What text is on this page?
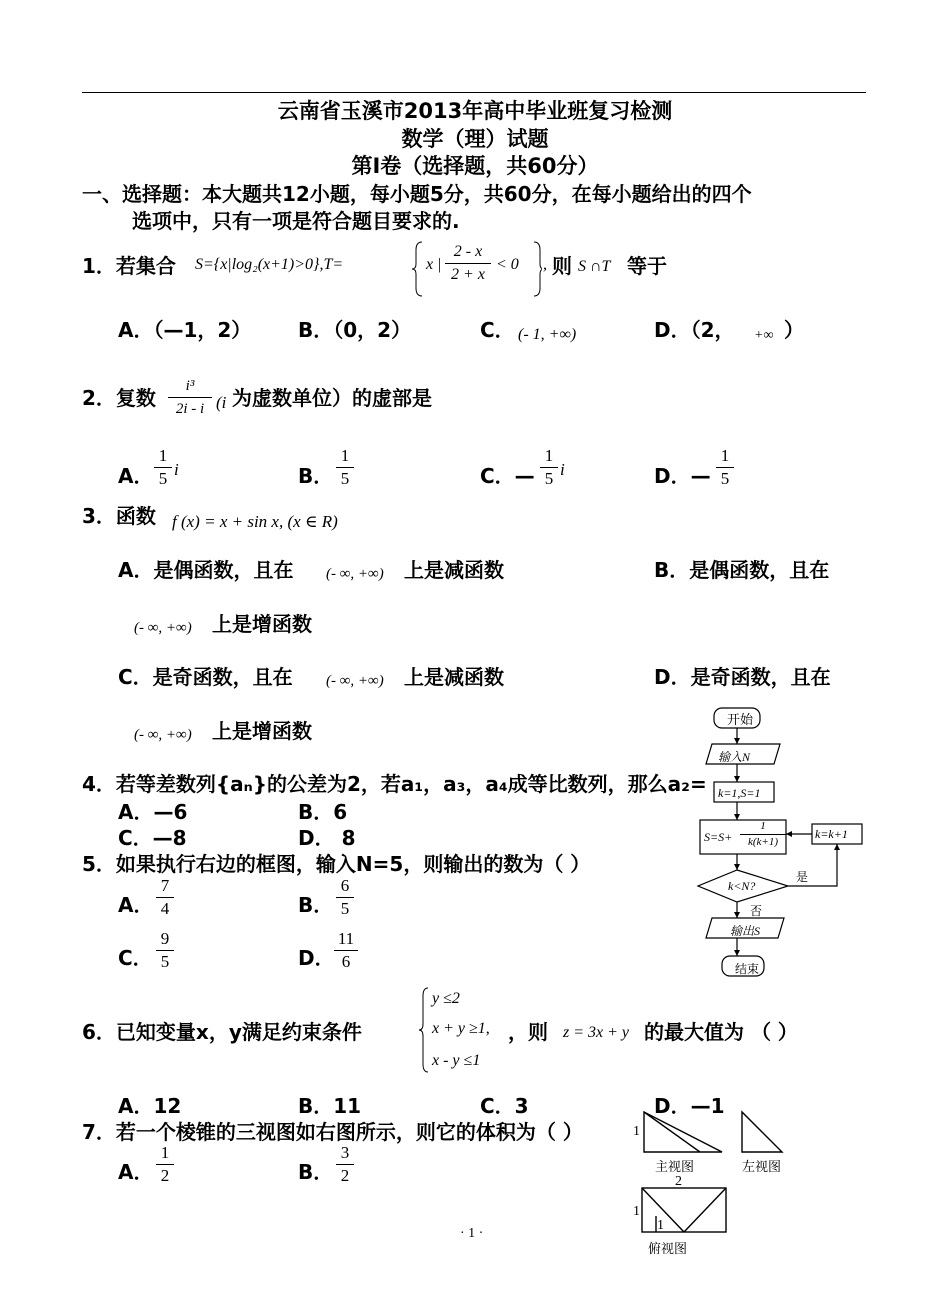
云南省玉溪市2013年高中毕业班复习检测
数学（理）试题
第Ⅰ卷（选择题，共60分）
一、选择题：本大题共12小题，每小题5分，共60分，在每小题给出的四个
选项中，只有一项是符合题目要求的.
1．若集合 S={x|log₂(x+1)>0},T=	x |
2 - x
2 + x
< 0 , 则 S ∩T 等于
A．（—1，2） B．（0，2）	C． (- 1, +∞)	D．（2， +∞ ）
2．复数	i³
2i - i (i 为虚数单位）的虚部是
A．
1
5 i	B．
1
5	C．—
1
5 i	D．—
1
5
3．函数 f (x) = x + sin x, (x ∈ R)
A．是偶函数，且在 (- ∞, +∞) 上是减函数	B．是偶函数，且在
(- ∞, +∞) 上是增函数
C．是奇函数，且在 (- ∞, +∞) 上是减函数	D．是奇函数，且在
(- ∞, +∞) 上是增函数	开始
输入N
k=1,S=1
S=S+
1
k(k+1)
k=k+1
k<N?
是
否
输出S
结束
4．若等差数列{aₙ}的公差为2，若a₁，a₃，a₄成等比数列，那么a₂=
A．—6	B．6
C．—8	D． 8
5．如果执行右边的框图，输入N=5，则输出的数为（ ）
A．
7
4	B．
6
5
C．
9
5	D．
11
6
6．已知变量x，y满足约束条件
y ≤2
x + y ≥1,
x - y ≤1
，则 z = 3x + y 的最大值为 （ ）
A．12	B．11	C．3	D．—1
7．若一个棱锥的三视图如右图所示，则它的体积为（ ）
A．
1
2	B．
3
2
1
主视图	左视图
2
1
1
俯视图
· 1 ·
